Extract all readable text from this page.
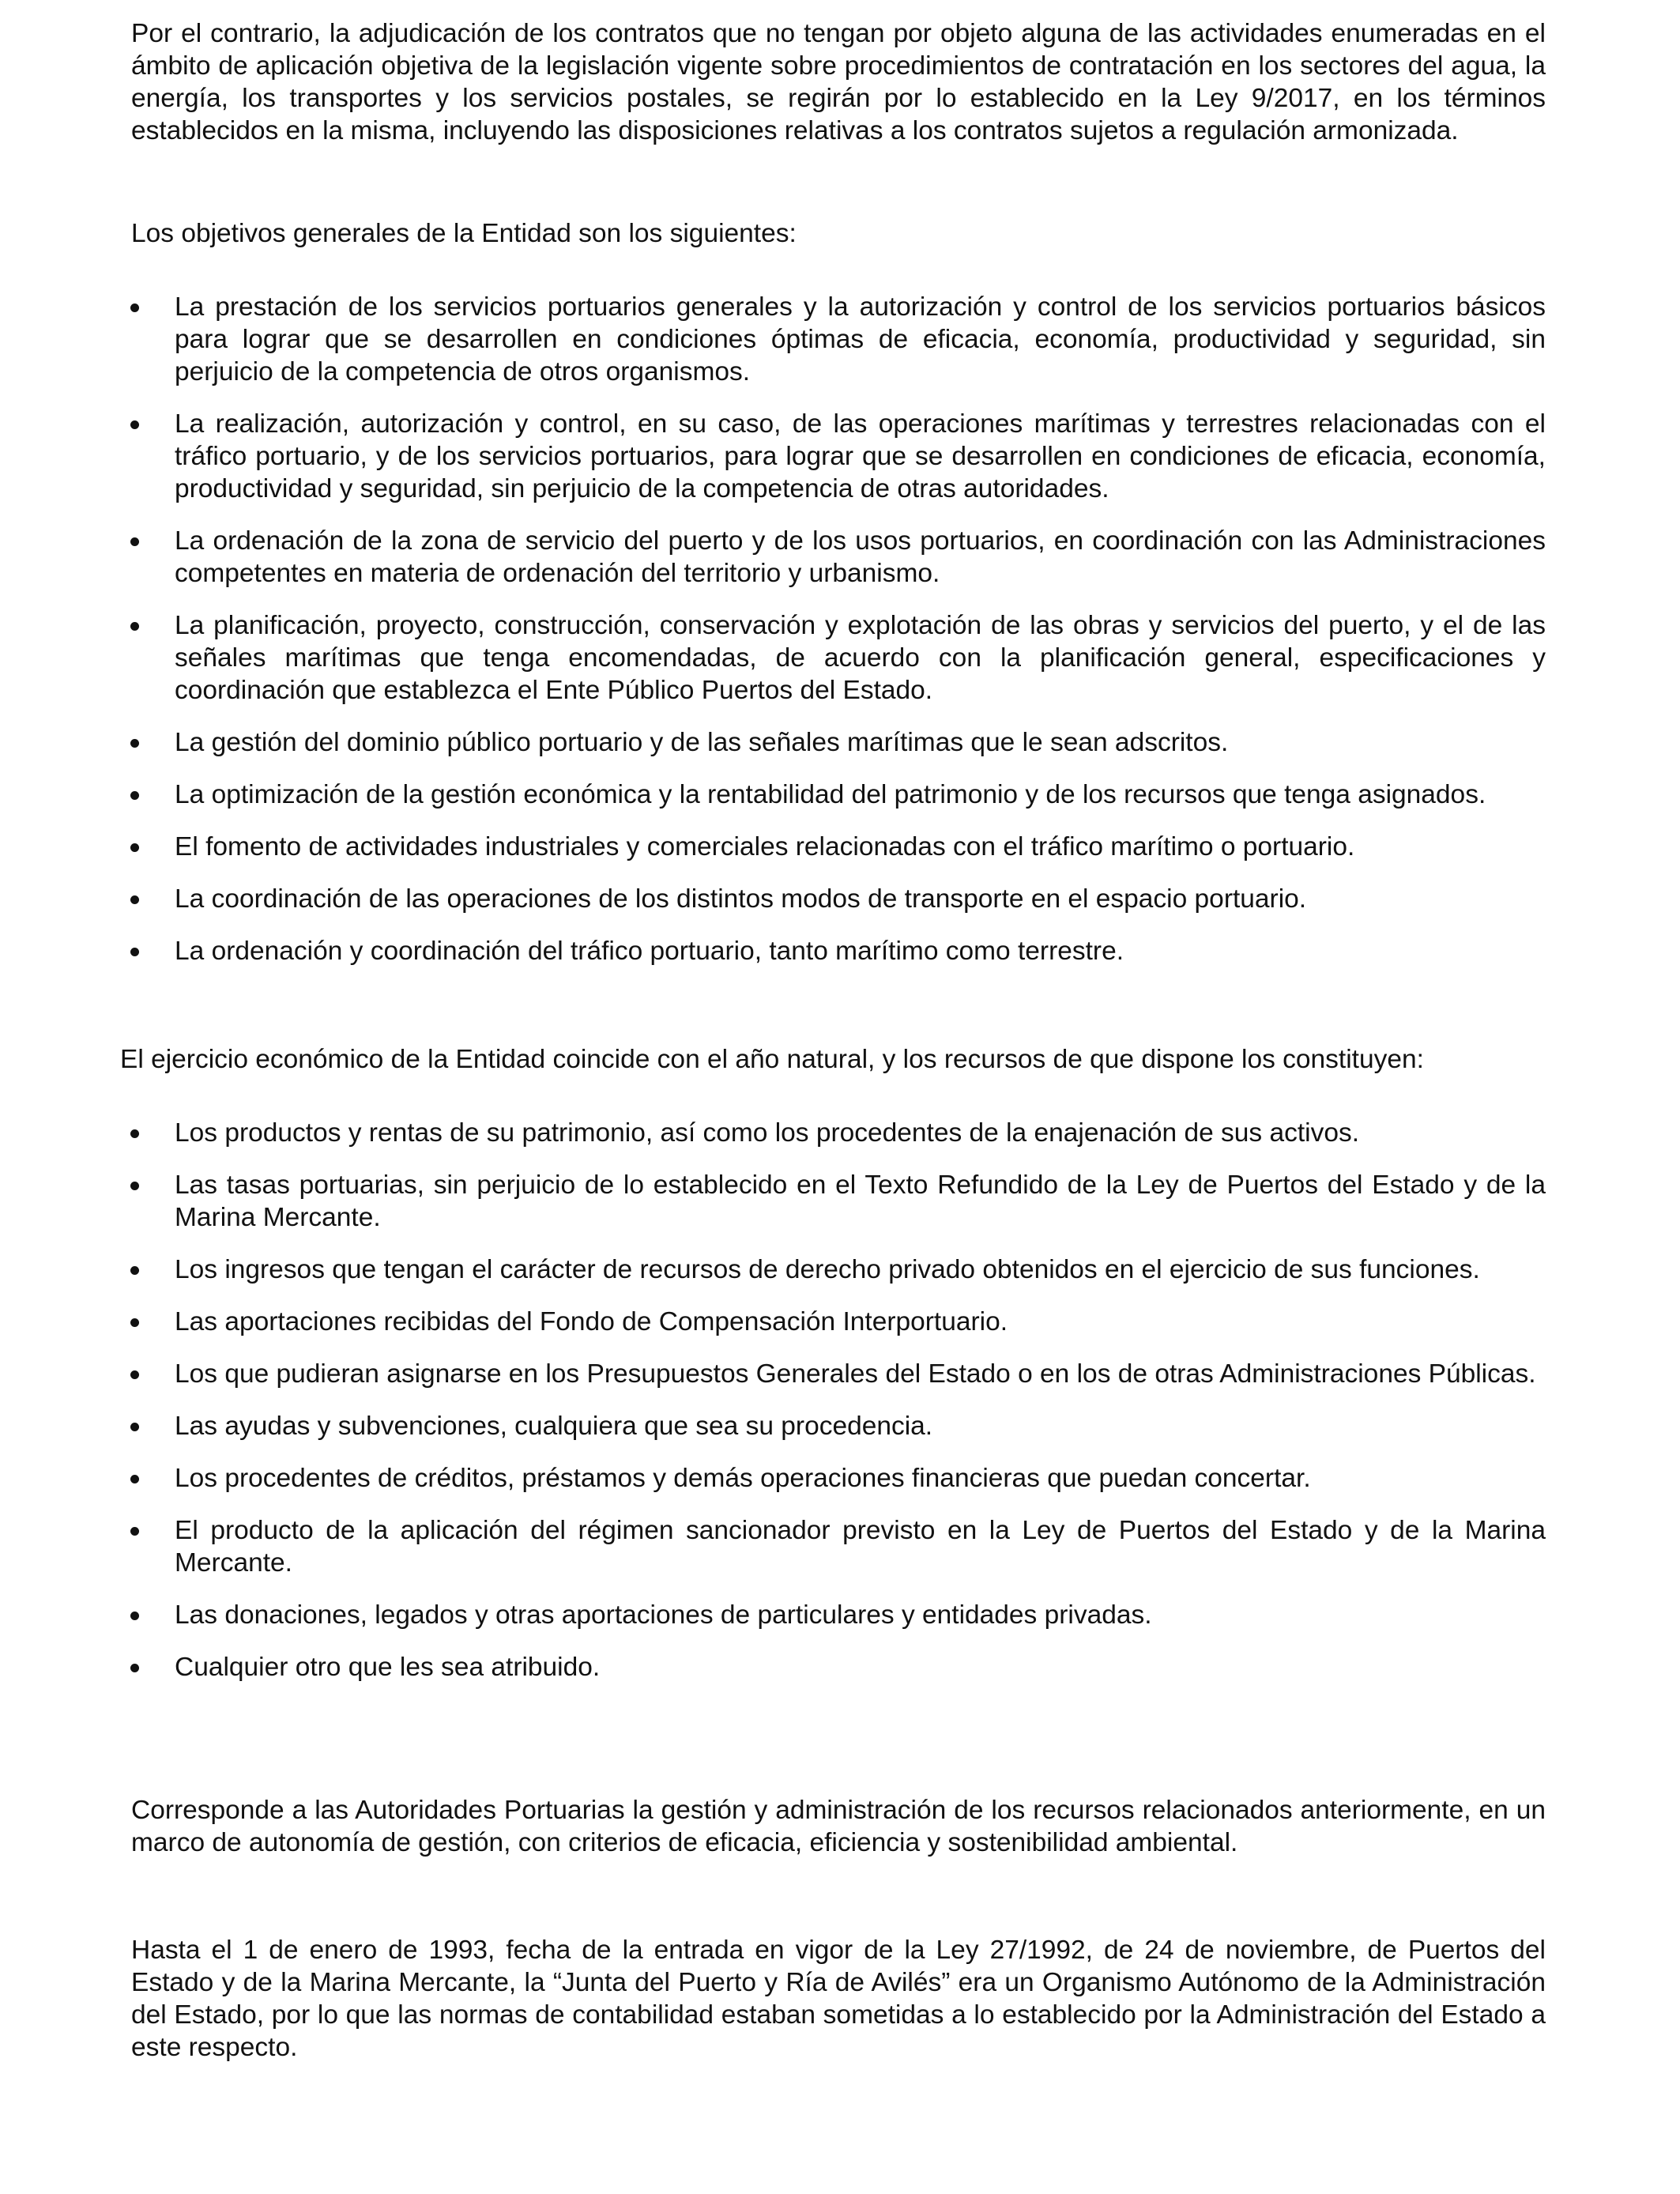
Por el contrario, la adjudicación de los contratos que no tengan por objeto alguna de las actividades enumeradas en el ámbito de aplicación objetiva de la legislación vigente sobre procedimientos de contratación en los sectores del agua, la energía, los transportes y los servicios postales, se regirán por lo establecido en la Ley 9/2017, en los términos establecidos en la misma, incluyendo las disposiciones relativas a los contratos sujetos a regulación armonizada.

Los objetivos generales de la Entidad son los siguientes:

La prestación de los servicios portuarios generales y la autorización y control de los servicios portuarios básicos para lograr que se desarrollen en condiciones óptimas de eficacia, economía, productividad y seguridad, sin perjuicio de la competencia de otros organismos.
La realización, autorización y control, en su caso, de las operaciones marítimas y terrestres relacionadas con el tráfico portuario, y de los servicios portuarios, para lograr que se desarrollen en condiciones de eficacia, economía, productividad y seguridad, sin perjuicio de la competencia de otras autoridades.
La ordenación de la zona de servicio del puerto y de los usos portuarios, en coordinación con las Administraciones competentes en materia de ordenación del territorio y urbanismo.
La planificación, proyecto, construcción, conservación y explotación de las obras y servicios del puerto, y el de las señales marítimas que tenga encomendadas, de acuerdo con la planificación general, especificaciones y coordinación que establezca el Ente Público Puertos del Estado.
La gestión del dominio público portuario y de las señales marítimas que le sean adscritos.
La optimización de la gestión económica y la rentabilidad del patrimonio y de los recursos que tenga asignados.
El fomento de actividades industriales y comerciales relacionadas con el tráfico marítimo o portuario.
La coordinación de las operaciones de los distintos modos de transporte en el espacio portuario.
La ordenación y coordinación del tráfico portuario, tanto marítimo como terrestre.

El ejercicio económico de la Entidad coincide con el año natural, y los recursos de que dispone los constituyen:

Los productos y rentas de su patrimonio, así como los procedentes de la enajenación de sus activos.
Las tasas portuarias, sin perjuicio de lo establecido en el Texto Refundido de la Ley de Puertos del Estado y de la Marina Mercante.
Los ingresos que tengan el carácter de recursos de derecho privado obtenidos en el ejercicio de sus funciones.
Las aportaciones recibidas del Fondo de Compensación Interportuario.
Los que pudieran asignarse en los Presupuestos Generales del Estado o en los de otras Administraciones Públicas.
Las ayudas y subvenciones, cualquiera que sea su procedencia.
Los procedentes de créditos, préstamos y demás operaciones financieras que puedan concertar.
El producto de la aplicación del régimen sancionador previsto en la Ley de Puertos del Estado y de la Marina Mercante.
Las donaciones, legados y otras aportaciones de particulares y entidades privadas.
Cualquier otro que les sea atribuido.

Corresponde a las Autoridades Portuarias la gestión y administración de los recursos relacionados anteriormente, en un marco de autonomía de gestión, con criterios de eficacia, eficiencia y sostenibilidad ambiental.

Hasta el 1 de enero de 1993, fecha de la entrada en vigor de la Ley 27/1992, de 24 de noviembre, de Puertos del Estado y de la Marina Mercante, la “Junta del Puerto y Ría de Avilés” era un Organismo Autónomo de la Administración del Estado, por lo que las normas de contabilidad estaban sometidas a lo establecido por la Administración del Estado a este respecto.
